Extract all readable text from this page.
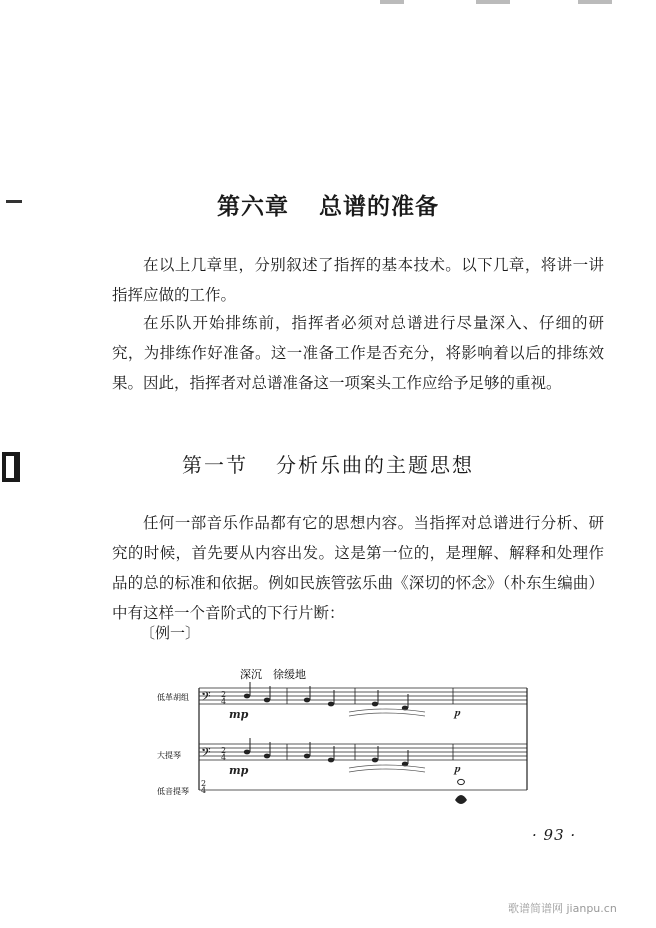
第六章 总谱的准备

在以上几章里，分别叙述了指挥的基本技术。以下几章，将讲一讲指挥应做的工作。

在乐队开始排练前，指挥者必须对总谱进行尽量深入、仔细的研究，为排练作好准备。这一准备工作是否充分，将影响着以后的排练效果。因此，指挥者对总谱准备这一项案头工作应给予足够的重视。

第一节 分析乐曲的主题思想

任何一部音乐作品都有它的思想内容。当指挥对总谱进行分析、研究的时候，首先要从内容出发。这是第一位的，是理解、解释和处理作品的总的标准和依据。例如民族管弦乐曲《深切的怀念》（朴东生编曲）中有这样一个音阶式的下行片断：

〔例一〕
深沉　徐缓地
低革胡组
大提琴
低音提琴
𝄢
𝄢
2
4
2
4
2
4
mp
mp
𝆏
𝆏
· 93 ·
歌谱简谱网 jianpu.cn
